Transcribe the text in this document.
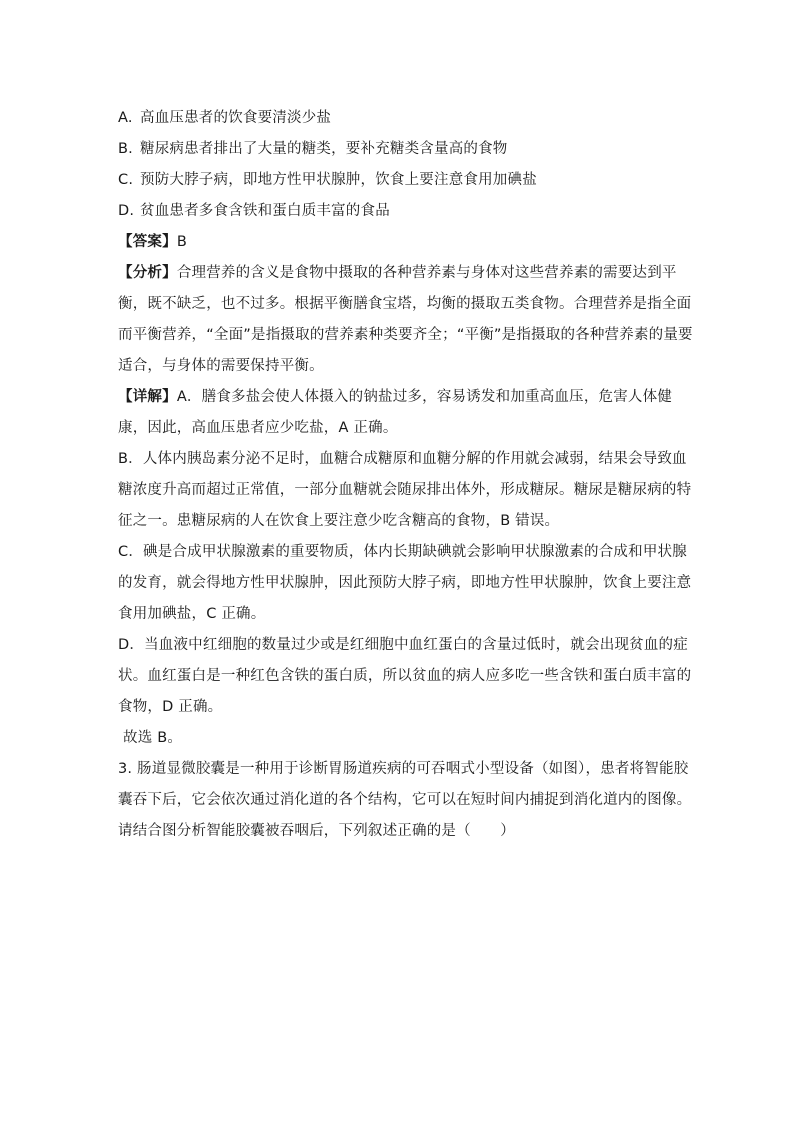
A. 高血压患者的饮食要清淡少盐
B. 糖尿病患者排出了大量的糖类，要补充糖类含量高的食物
C. 预防大脖子病，即地方性甲状腺肿，饮食上要注意食用加碘盐
D. 贫血患者多食含铁和蛋白质丰富的食品
【答案】B
【分析】合理营养的含义是食物中摄取的各种营养素与身体对这些营养素的需要达到平
衡，既不缺乏，也不过多。根据平衡膳食宝塔，均衡的摄取五类食物。合理营养是指全面
而平衡营养，“全面”是指摄取的营养素种类要齐全；“平衡”是指摄取的各种营养素的量要
适合，与身体的需要保持平衡。
【详解】A．膳食多盐会使人体摄入的钠盐过多，容易诱发和加重高血压，危害人体健
康，因此，高血压患者应少吃盐，A 正确。
B．人体内胰岛素分泌不足时，血糖合成糖原和血糖分解的作用就会减弱，结果会导致血
糖浓度升高而超过正常值，一部分血糖就会随尿排出体外，形成糖尿。糖尿是糖尿病的特
征之一。患糖尿病的人在饮食上要注意少吃含糖高的食物，B 错误。
C．碘是合成甲状腺激素的重要物质，体内长期缺碘就会影响甲状腺激素的合成和甲状腺
的发育，就会得地方性甲状腺肿，因此预防大脖子病，即地方性甲状腺肿，饮食上要注意
食用加碘盐，C 正确。
D．当血液中红细胞的数量过少或是红细胞中血红蛋白的含量过低时，就会出现贫血的症
状。血红蛋白是一种红色含铁的蛋白质，所以贫血的病人应多吃一些含铁和蛋白质丰富的
食物，D 正确。
故选 B。
3. 肠道显微胶囊是一种用于诊断胃肠道疾病的可吞咽式小型设备（如图），患者将智能胶
囊吞下后，它会依次通过消化道的各个结构，它可以在短时间内捕捉到消化道内的图像。
请结合图分析智能胶囊被吞咽后，下列叙述正确的是（　　）
